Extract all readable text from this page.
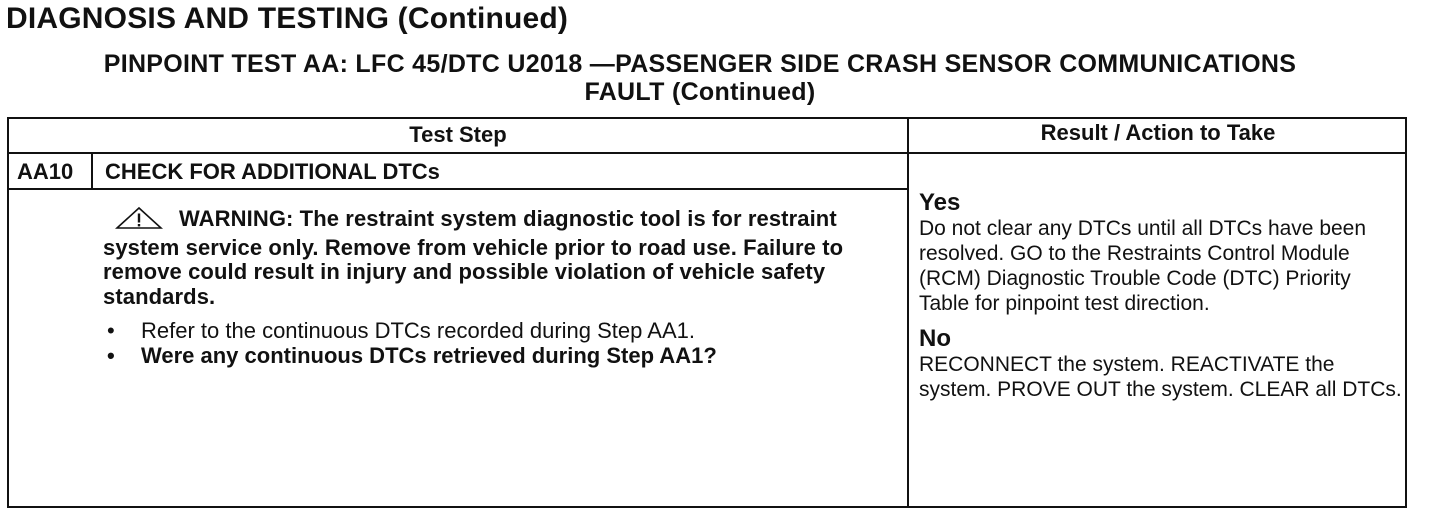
DIAGNOSIS AND TESTING (Continued)
PINPOINT TEST AA: LFC 45/DTC U2018 —PASSENGER SIDE CRASH SENSOR COMMUNICATIONS
FAULT (Continued)
Test Step	Result / Action to Take
AA10 CHECK FOR ADDITIONAL DTCs
WARNING: The restraint system diagnostic tool is for restraint system service only. Remove from vehicle prior to road use. Failure to remove could result in injury and possible violation of vehicle safety standards.
•	Refer to the continuous DTCs recorded during Step AA1.
•	Were any continuous DTCs retrieved during Step AA1?
Yes
Do not clear any DTCs until all DTCs have been resolved. GO to the Restraints Control Module (RCM) Diagnostic Trouble Code (DTC) Priority Table for pinpoint test direction.
No
RECONNECT the system. REACTIVATE the system. PROVE OUT the system. CLEAR all DTCs.
